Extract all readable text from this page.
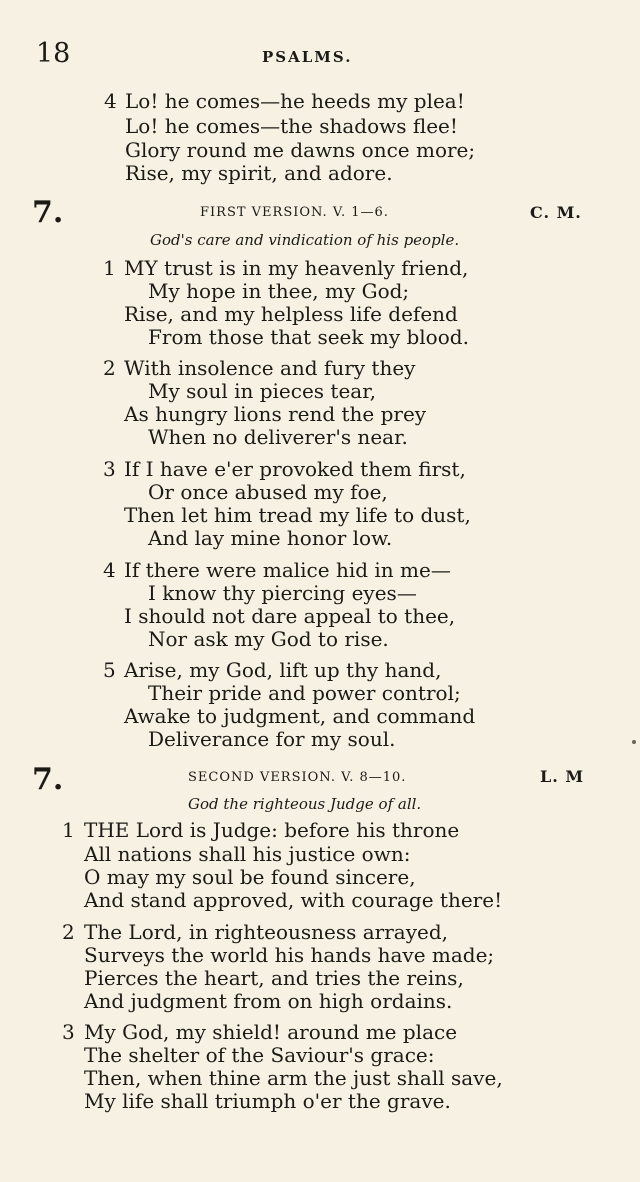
18	PSALMS.
4 Lo! he comes—he heeds my plea!
Lo! he comes—the shadows flee!
Glory round me dawns once more;
Rise, my spirit, and adore.
7.	FIRST VERSION. V. 1—6.	C. M.
God's care and vindication of his people.
1 MY trust is in my heavenly friend,
My hope in thee, my God;
Rise, and my helpless life defend
From those that seek my blood.
2 With insolence and fury they
My soul in pieces tear,
As hungry lions rend the prey
When no deliverer's near.
3 If I have e'er provoked them first,
Or once abused my foe,
Then let him tread my life to dust,
And lay mine honor low.
4 If there were malice hid in me—
I know thy piercing eyes—
I should not dare appeal to thee,
Nor ask my God to rise.
5 Arise, my God, lift up thy hand,
Their pride and power control;
Awake to judgment, and command
Deliverance for my soul.
7.	SECOND VERSION. V. 8—10.	L. M
God the righteous Judge of all.
1 THE Lord is Judge: before his throne
All nations shall his justice own:
O may my soul be found sincere,
And stand approved, with courage there!
2 The Lord, in righteousness arrayed,
Surveys the world his hands have made;
Pierces the heart, and tries the reins,
And judgment from on high ordains.
3 My God, my shield! around me place
The shelter of the Saviour's grace:
Then, when thine arm the just shall save,
My life shall triumph o'er the grave.
